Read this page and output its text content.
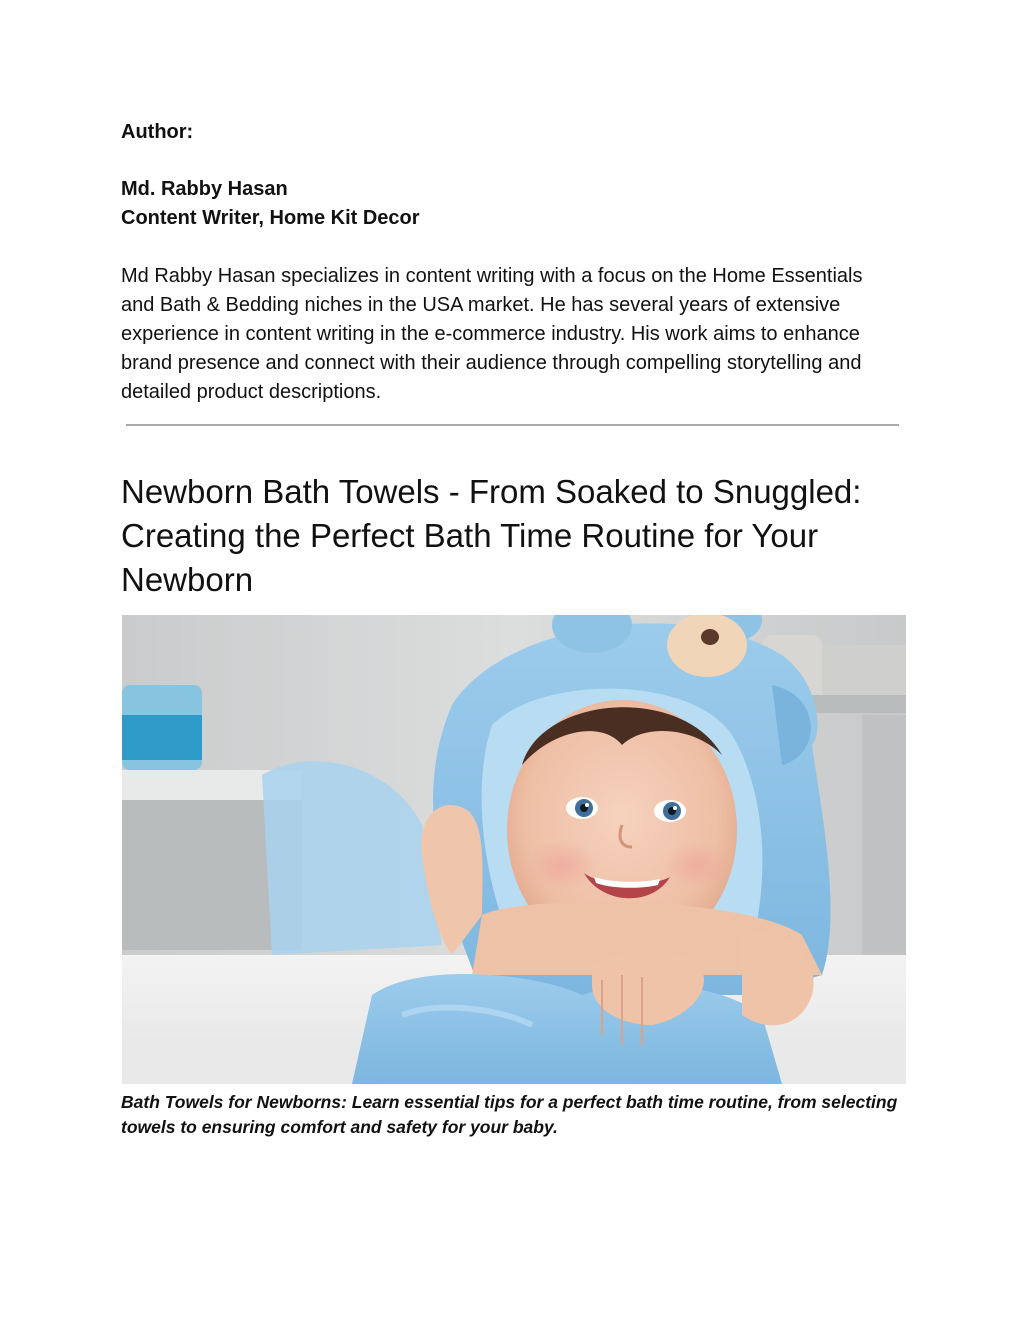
Author:

Md. Rabby Hasan
Content Writer, Home Kit Decor
Md Rabby Hasan specializes in content writing with a focus on the Home Essentials and Bath & Bedding niches in the USA market. He has several years of extensive experience in content writing in the e-commerce industry. His work aims to enhance brand presence and connect with their audience through compelling storytelling and detailed product descriptions.
Newborn Bath Towels - From Soaked to Snuggled: Creating the Perfect Bath Time Routine for Your Newborn
Bath Towels for Newborns: Learn essential tips for a perfect bath time routine, from selecting towels to ensuring comfort and safety for your baby.
